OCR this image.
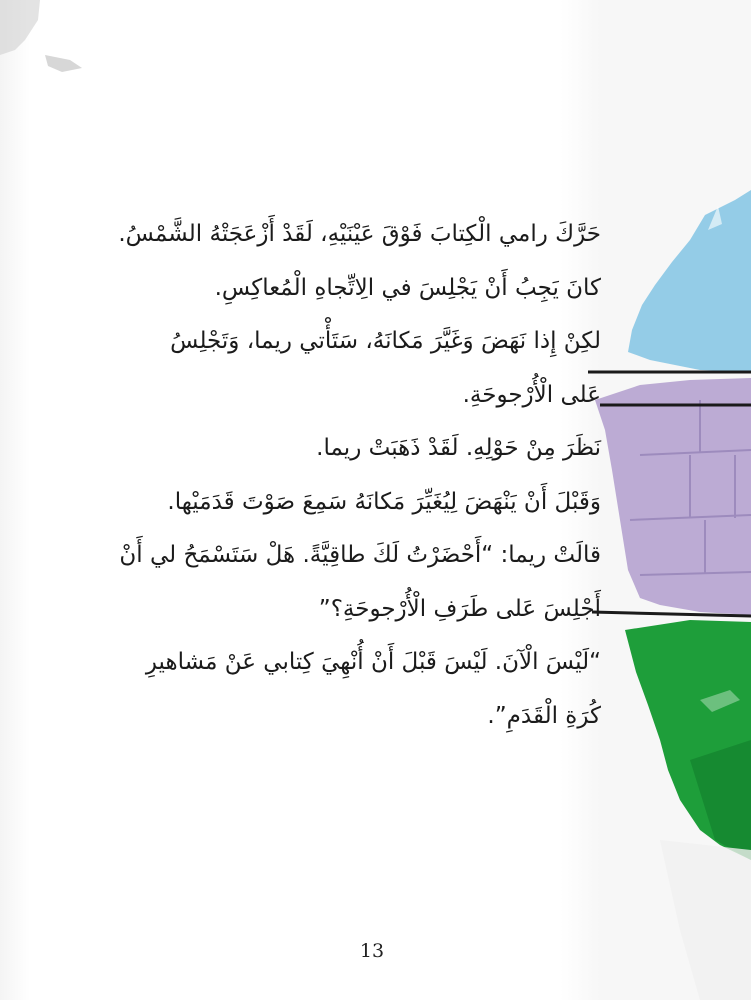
حَرَّكَ رامي الْكِتابَ فَوْقَ عَيْنَيْهِ، لَقَدْ أَزْعَجَتْهُ الشَّمْسُ.
كانَ يَجِبُ أَنْ يَجْلِسَ في الِاتِّجاهِ الْمُعاكِسِ.
لكِنْ إِذا نَهَضَ وَغَيَّرَ مَكانَهُ، سَتَأْتي ريما، وَتَجْلِسُ
عَلى الْأُرْجوحَةِ.
نَظَرَ مِنْ حَوْلِهِ. لَقَدْ ذَهَبَتْ ريما.
وَقَبْلَ أَنْ يَنْهَضَ لِيُغَيِّرَ مَكانَهُ سَمِعَ صَوْتَ قَدَمَيْها.
قالَتْ ريما: “أَحْضَرْتُ لَكَ طاقِيَّةً. هَلْ سَتَسْمَحُ لي أَنْ
أَجْلِسَ عَلى طَرَفِ الْأُرْجوحَةِ؟”
“لَيْسَ الْآنَ. لَيْسَ قَبْلَ أَنْ أُنْهِيَ كِتابي عَنْ مَشاهيرِ
كُرَةِ الْقَدَمِ”.
13
